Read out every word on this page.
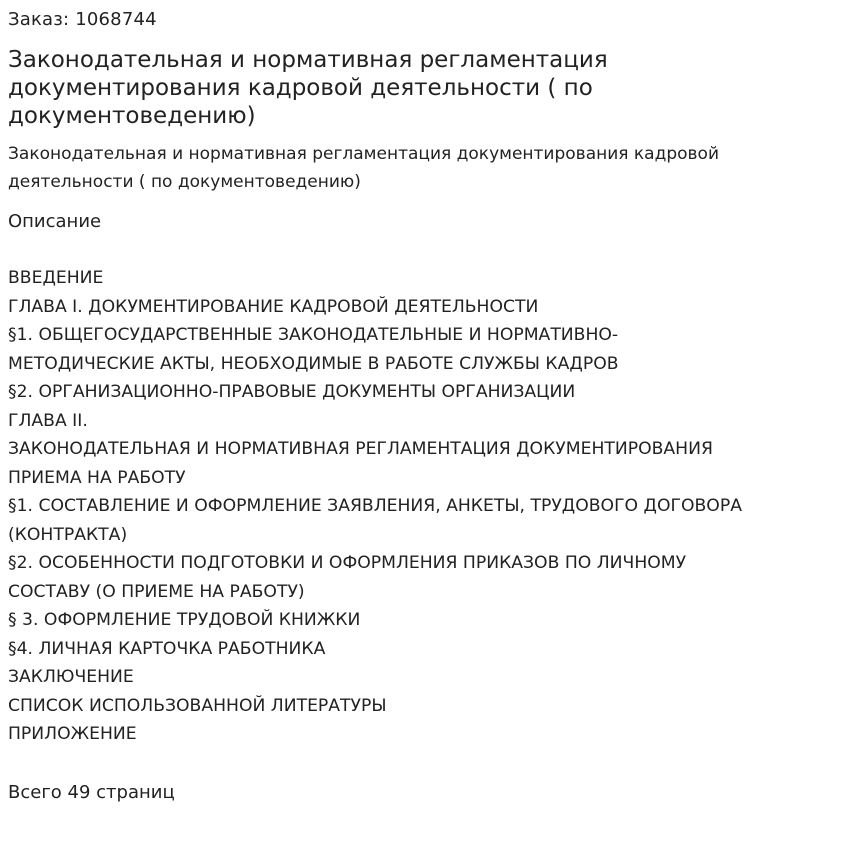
Заказ: 1068744
Законодательная и нормативная регламентация документирования кадровой деятельности ( по документоведению)
Законодательная и нормативная регламентация документирования кадровой деятельности ( по документоведению)
Описание
ВВЕДЕНИЕ
ГЛАВА I. ДОКУМЕНТИРОВАНИЕ КАДРОВОЙ ДЕЯТЕЛЬНОСТИ
§1. ОБЩЕГОСУДАРСТВЕННЫЕ ЗАКОНОДАТЕЛЬНЫЕ И НОРМАТИВНО-
МЕТОДИЧЕСКИЕ АКТЫ, НЕОБХОДИМЫЕ В РАБОТЕ СЛУЖБЫ КАДРОВ
§2. ОРГАНИЗАЦИОННО-ПРАВОВЫЕ ДОКУМЕНТЫ ОРГАНИЗАЦИИ
ГЛАВА II.
ЗАКОНОДАТЕЛЬНАЯ И НОРМАТИВНАЯ РЕГЛАМЕНТАЦИЯ ДОКУМЕНТИРОВАНИЯ
ПРИЕМА НА РАБОТУ
§1. СОСТАВЛЕНИЕ И ОФОРМЛЕНИЕ ЗАЯВЛЕНИЯ, АНКЕТЫ, ТРУДОВОГО ДОГОВОРА
(КОНТРАКТА)
§2. ОСОБЕННОСТИ ПОДГОТОВКИ И ОФОРМЛЕНИЯ ПРИКАЗОВ ПО ЛИЧНОМУ
СОСТАВУ (О ПРИЕМЕ НА РАБОТУ)
§ 3. ОФОРМЛЕНИЕ ТРУДОВОЙ КНИЖКИ
§4. ЛИЧНАЯ КАРТОЧКА РАБОТНИКА
ЗАКЛЮЧЕНИЕ
СПИСОК ИСПОЛЬЗОВАННОЙ ЛИТЕРАТУРЫ
ПРИЛОЖЕНИЕ
Всего 49 страниц
